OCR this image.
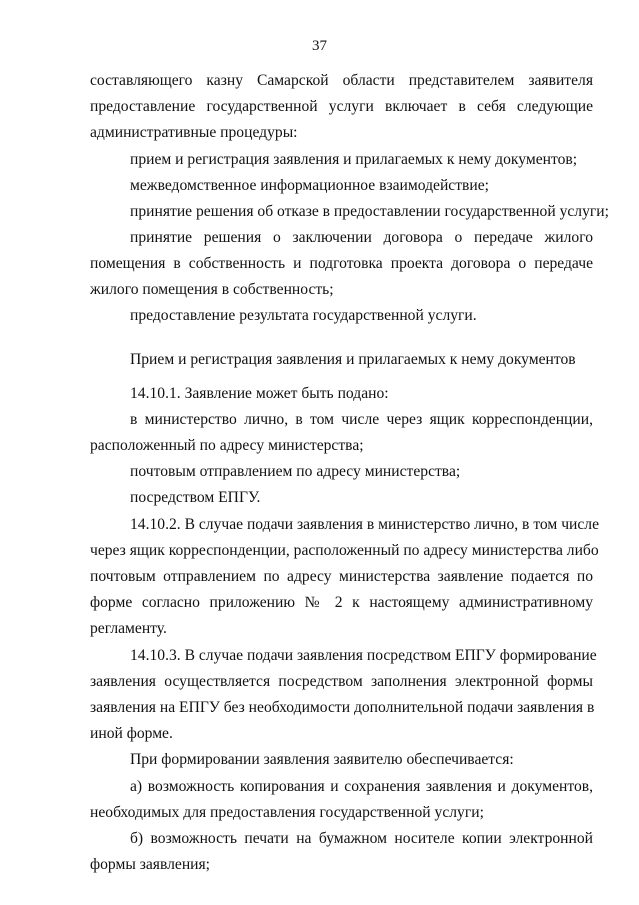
37
составляющего казну Самарской области представителем заявителя
предоставление государственной услуги включает в себя следующие
административные процедуры:
прием и регистрация заявления и прилагаемых к нему документов;
межведомственное информационное взаимодействие;
принятие решения об отказе в предоставлении государственной услуги;
принятие решения о заключении договора о передаче жилого
помещения в собственность и подготовка проекта договора о передаче
жилого помещения в собственность;
предоставление результата государственной услуги.
Прием и регистрация заявления и прилагаемых к нему документов
14.10.1. Заявление может быть подано:
в министерство лично, в том числе через ящик корреспонденции,
расположенный по адресу министерства;
почтовым отправлением по адресу министерства;
посредством ЕПГУ.
14.10.2. В случае подачи заявления в министерство лично, в том числе
через ящик корреспонденции, расположенный по адресу министерства либо
почтовым отправлением по адресу министерства заявление подается по
форме согласно приложению № 2 к настоящему административному
регламенту.
14.10.3. В случае подачи заявления посредством ЕПГУ формирование
заявления осуществляется посредством заполнения электронной формы
заявления на ЕПГУ без необходимости дополнительной подачи заявления в
иной форме.
При формировании заявления заявителю обеспечивается:
а) возможность копирования и сохранения заявления и документов,
необходимых для предоставления государственной услуги;
б) возможность печати на бумажном носителе копии электронной
формы заявления;
